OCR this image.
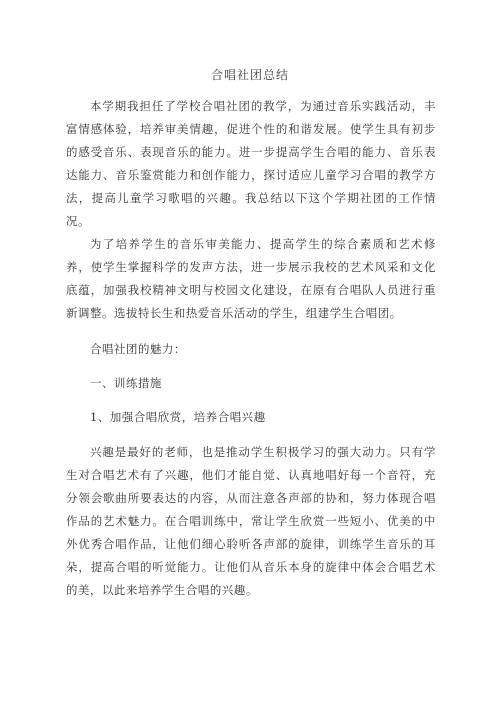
合唱社团总结

本学期我担任了学校合唱社团的教学，为通过音乐实践活动，丰富情感体验，培养审美情趣，促进个性的和谐发展。使学生具有初步的感受音乐、表现音乐的能力。进一步提高学生合唱的能力、音乐表达能力、音乐鉴赏能力和创作能力，探讨适应儿童学习合唱的教学方法，提高儿童学习歌唱的兴趣。我总结以下这个学期社团的工作情况。

为了培养学生的音乐审美能力、提高学生的综合素质和艺术修养，使学生掌握科学的发声方法，进一步展示我校的艺术风采和文化底蕴，加强我校精神文明与校园文化建设，在原有合唱队人员进行重新调整。选拔特长生和热爱音乐活动的学生，组建学生合唱团。

合唱社团的魅力：

一、训练措施

1、加强合唱欣赏，培养合唱兴趣

兴趣是最好的老师，也是推动学生积极学习的强大动力。只有学生对合唱艺术有了兴趣，他们才能自觉、认真地唱好每一个音符，充分领会歌曲所要表达的内容，从而注意各声部的协和，努力体现合唱作品的艺术魅力。在合唱训练中，常让学生欣赏一些短小、优美的中外优秀合唱作品，让他们细心聆听各声部的旋律，训练学生音乐的耳朵，提高合唱的听觉能力。让他们从音乐本身的旋律中体会合唱艺术的美，以此来培养学生合唱的兴趣。
